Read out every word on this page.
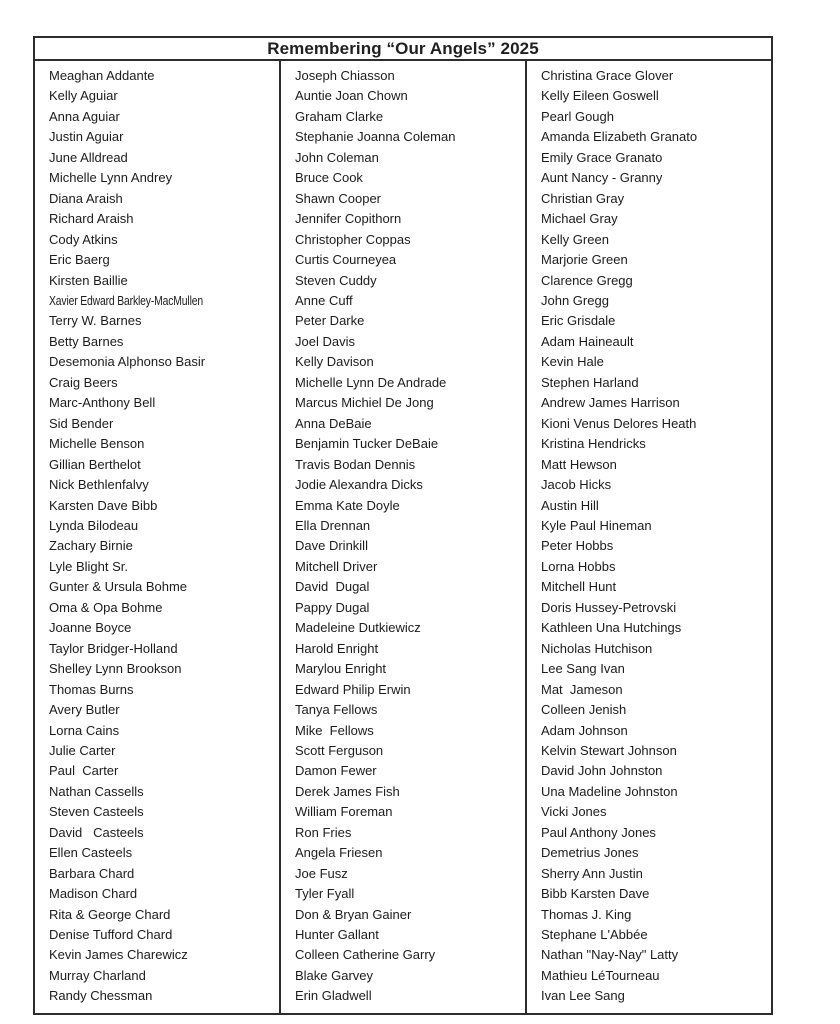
Remembering “Our Angels” 2025
Meaghan Addante
Kelly Aguiar
Anna Aguiar
Justin Aguiar
June Alldread
Michelle Lynn Andrey
Diana Araish
Richard Araish
Cody Atkins
Eric Baerg
Kirsten Baillie
Xavier Edward Barkley-MacMullen
Terry W. Barnes
Betty Barnes
Desemonia Alphonso Basir
Craig Beers
Marc-Anthony Bell
Sid Bender
Michelle Benson
Gillian Berthelot
Nick Bethlenfalvy
Karsten Dave Bibb
Lynda Bilodeau
Zachary Birnie
Lyle Blight Sr.
Gunter & Ursula Bohme
Oma & Opa Bohme
Joanne Boyce
Taylor Bridger-Holland
Shelley Lynn Brookson
Thomas Burns
Avery Butler
Lorna Cains
Julie Carter
Paul  Carter
Nathan Cassells
Steven Casteels
David   Casteels
Ellen Casteels
Barbara Chard
Madison Chard
Rita & George Chard
Denise Tufford Chard
Kevin James Charewicz
Murray Charland
Randy Chessman
Joseph Chiasson
Auntie Joan Chown
Graham Clarke
Stephanie Joanna Coleman
John Coleman
Bruce Cook
Shawn Cooper
Jennifer Copithorn
Christopher Coppas
Curtis Courneyea
Steven Cuddy
Anne Cuff
Peter Darke
Joel Davis
Kelly Davison
Michelle Lynn De Andrade
Marcus Michiel De Jong
Anna DeBaie
Benjamin Tucker DeBaie
Travis Bodan Dennis
Jodie Alexandra Dicks
Emma Kate Doyle
Ella Drennan
Dave Drinkill
Mitchell Driver
David  Dugal
Pappy Dugal
Madeleine Dutkiewicz
Harold Enright
Marylou Enright
Edward Philip Erwin
Tanya Fellows
Mike  Fellows
Scott Ferguson
Damon Fewer
Derek James Fish
William Foreman
Ron Fries
Angela Friesen
Joe Fusz
Tyler Fyall
Don & Bryan Gainer
Hunter Gallant
Colleen Catherine Garry
Blake Garvey
Erin Gladwell
Christina Grace Glover
Kelly Eileen Goswell
Pearl Gough
Amanda Elizabeth Granato
Emily Grace Granato
Aunt Nancy - Granny
Christian Gray
Michael Gray
Kelly Green
Marjorie Green
Clarence Gregg
John Gregg
Eric Grisdale
Adam Haineault
Kevin Hale
Stephen Harland
Andrew James Harrison
Kioni Venus Delores Heath
Kristina Hendricks
Matt Hewson
Jacob Hicks
Austin Hill
Kyle Paul Hineman
Peter Hobbs
Lorna Hobbs
Mitchell Hunt
Doris Hussey-Petrovski
Kathleen Una Hutchings
Nicholas Hutchison
Lee Sang Ivan
Mat  Jameson
Colleen Jenish
Adam Johnson
Kelvin Stewart Johnson
David John Johnston
Una Madeline Johnston
Vicki Jones
Paul Anthony Jones
Demetrius Jones
Sherry Ann Justin
Bibb Karsten Dave
Thomas J. King
Stephane L'Abbée
Nathan "Nay-Nay" Latty
Mathieu LéTourneau
Ivan Lee Sang
